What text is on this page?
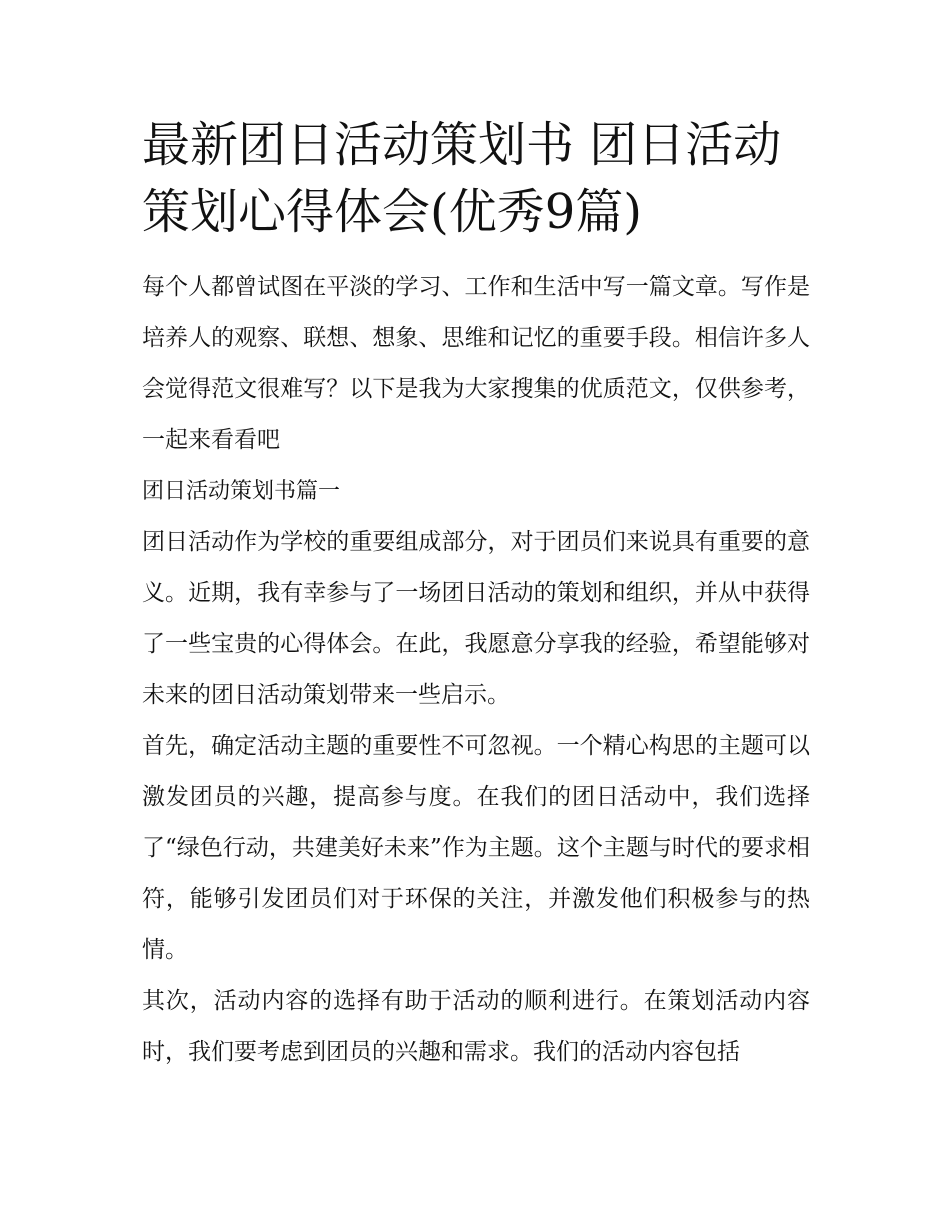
最新团日活动策划书 团日活动策划心得体会(优秀9篇)

每个人都曾试图在平淡的学习、工作和生活中写一篇文章。写作是培养人的观察、联想、想象、思维和记忆的重要手段。相信许多人会觉得范文很难写？以下是我为大家搜集的优质范文，仅供参考，一起来看看吧

团日活动策划书篇一

团日活动作为学校的重要组成部分，对于团员们来说具有重要的意义。近期，我有幸参与了一场团日活动的策划和组织，并从中获得了一些宝贵的心得体会。在此，我愿意分享我的经验，希望能够对未来的团日活动策划带来一些启示。

首先，确定活动主题的重要性不可忽视。一个精心构思的主题可以激发团员的兴趣，提高参与度。在我们的团日活动中，我们选择了“绿色行动，共建美好未来”作为主题。这个主题与时代的要求相符，能够引发团员们对于环保的关注，并激发他们积极参与的热情。

其次，活动内容的选择有助于活动的顺利进行。在策划活动内容时，我们要考虑到团员的兴趣和需求。我们的活动内容包括
